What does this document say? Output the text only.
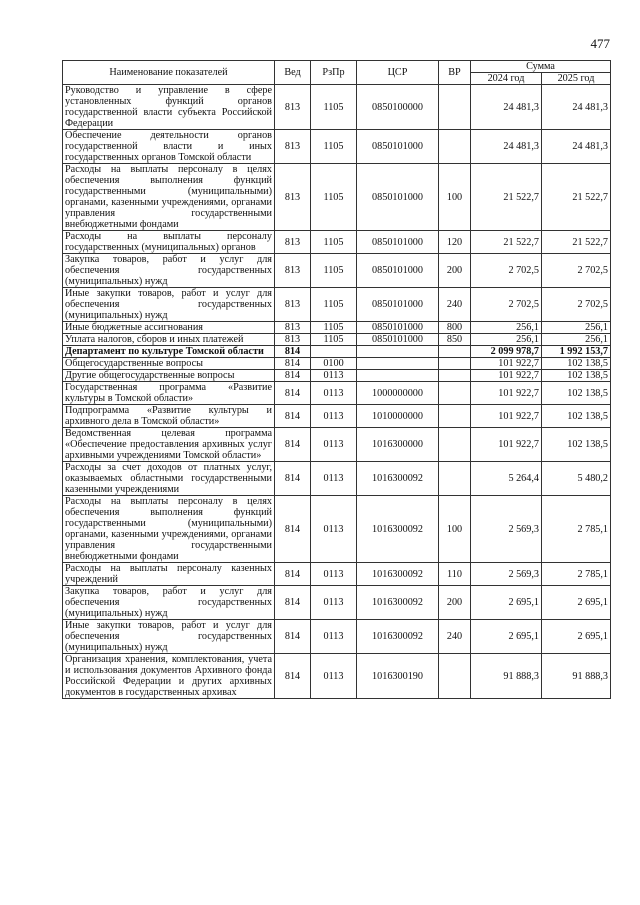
477
Наименование показателей	Вед	РзПр	ЦСР	ВР	Сумма	
					2024 год	2025 год
Руководство и управление в сфере установленных функций органов государственной власти субъекта Российской Федерации	813	1105	0850100000		24 481,3	24 481,3
Обеспечение деятельности органов государственной власти и иных государственных органов Томской области	813	1105	0850101000		24 481,3	24 481,3
Расходы на выплаты персоналу в целях обеспечения выполнения функций государственными (муниципальными) органами, казенными учреждениями, органами управления государственными внебюджетными фондами	813	1105	0850101000	100	21 522,7	21 522,7
Расходы на выплаты персоналу государственных (муниципальных) органов	813	1105	0850101000	120	21 522,7	21 522,7
Закупка товаров, работ и услуг для обеспечения государственных (муниципальных) нужд	813	1105	0850101000	200	2 702,5	2 702,5
Иные закупки товаров, работ и услуг для обеспечения государственных (муниципальных) нужд	813	1105	0850101000	240	2 702,5	2 702,5
Иные бюджетные ассигнования	813	1105	0850101000	800	256,1	256,1
Уплата налогов, сборов и иных платежей	813	1105	0850101000	850	256,1	256,1
Департамент по культуре Томской области	814				2 099 978,7	1 992 153,7
Общегосударственные вопросы	814	0100			101 922,7	102 138,5
Другие общегосударственные вопросы	814	0113			101 922,7	102 138,5
Государственная программа «Развитие культуры в Томской области»	814	0113	1000000000		101 922,7	102 138,5
Подпрограмма «Развитие культуры и архивного дела в Томской области»	814	0113	1010000000		101 922,7	102 138,5
Ведомственная целевая программа «Обеспечение предоставления архивных услуг архивными учреждениями Томской области»	814	0113	1016300000		101 922,7	102 138,5
Расходы за счет доходов от платных услуг, оказываемых областными государственными казенными учреждениями	814	0113	1016300092		5 264,4	5 480,2
Расходы на выплаты персоналу в целях обеспечения выполнения функций государственными (муниципальными) органами, казенными учреждениями, органами управления государственными внебюджетными фондами	814	0113	1016300092	100	2 569,3	2 785,1
Расходы на выплаты персоналу казенных учреждений	814	0113	1016300092	110	2 569,3	2 785,1
Закупка товаров, работ и услуг для обеспечения государственных (муниципальных) нужд	814	0113	1016300092	200	2 695,1	2 695,1
Иные закупки товаров, работ и услуг для обеспечения государственных (муниципальных) нужд	814	0113	1016300092	240	2 695,1	2 695,1
Организация хранения, комплектования, учета и использования документов Архивного фонда Российской Федерации и других архивных документов в государственных архивах	814	0113	1016300190		91 888,3	91 888,3
